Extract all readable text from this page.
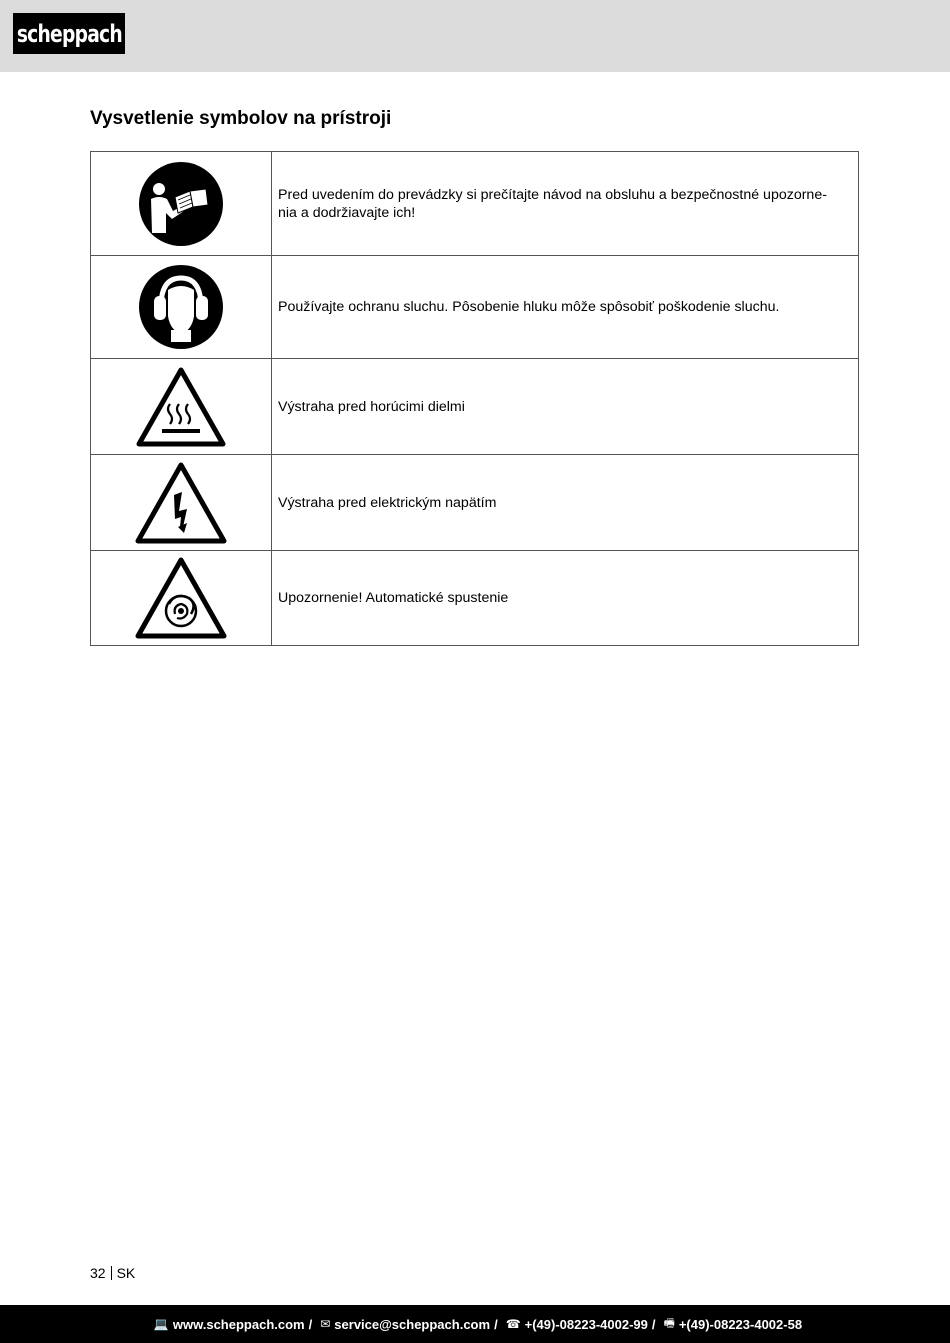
scheppach
Vysvetlenie symbolov na prístroji

Pred uvedením do prevádzky si prečítajte návod na obsluhu a bezpečnostné upozorne-
nia a dodržiavajte ich!

	Používajte ochranu sluchu. Pôsobenie hluku môže spôsobiť poškodenie sluchu.

	Výstraha pred horúcimi dielmi

	Výstraha pred elektrickým napätím

	Upozornenie! Automatické spustenie
32 SK
💻 www.scheppach.com / ✉ service@scheppach.com / ☎ +(49)-08223-4002-99 / 🖷 +(49)-08223-4002-58
